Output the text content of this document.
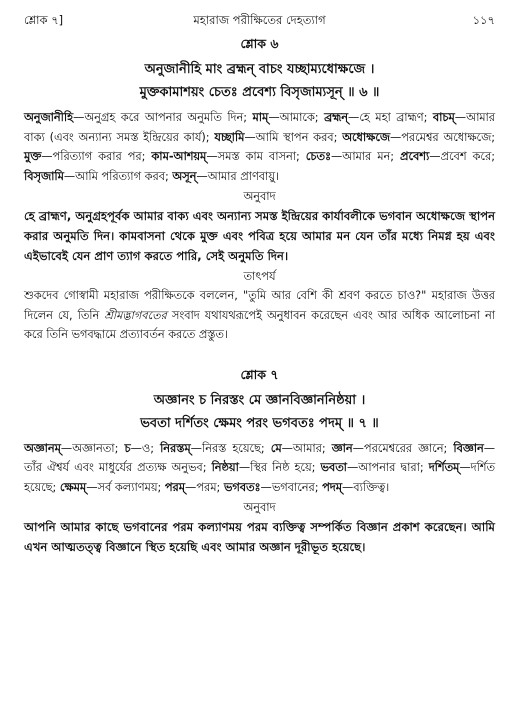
শ্লোক ৭]	মহারাজ পরীক্ষিতের দেহত্যাগ	১১৭
শ্লোক ৬
অনুজানীহি মাং ব্রহ্মন্ বাচং যচ্ছাম্যধোক্ষজে ।
মুক্তকামাশয়ং চেতঃ প্রবেশ্য বিসৃজাম্যসূন্ ॥ ৬ ॥

অনুজানীহি—অনুগ্রহ করে আপনার অনুমতি দিন; মাম্—আমাকে; ব্রহ্মন্—হে মহা ব্রাহ্মণ; বাচম্—আমার বাক্য (এবং অন্যান্য সমস্ত ইন্দ্রিয়ের কার্য); যচ্ছামি—আমি স্থাপন করব; অধোক্ষজে—পরমেশ্বর অধোক্ষজে; মুক্ত—পরিত্যাগ করার পর; কাম-আশয়ম্—সমস্ত কাম বাসনা; চেতঃ—আমার মন; প্রবেশ্য—প্রবেশ করে; বিসৃজামি—আমি পরিত্যাগ করব; অসূন্—আমার প্রাণবায়ু।

অনুবাদ
হে ব্রাহ্মণ, অনুগ্রহপূর্বক আমার বাক্য এবং অন্যান্য সমস্ত ইন্দ্রিয়ের কার্যাবলীকে ভগবান অধোক্ষজে স্থাপন করার অনুমতি দিন। কামবাসনা থেকে মুক্ত এবং পবিত্র হয়ে আমার মন যেন তাঁর মধ্যে নিমগ্ন হয় এবং এইভাবেই যেন প্রাণ ত্যাগ করতে পারি, সেই অনুমতি দিন।
তাৎপর্য
শুকদেব গোস্বামী মহারাজ পরীক্ষিতকে বললেন, "তুমি আর বেশি কী শ্রবণ করতে চাও?" মহারাজ উত্তর দিলেন যে, তিনি শ্রীমদ্ভাগবতের সংবাদ যথাযথরূপেই অনুধাবন করেছেন এবং আর অধিক আলোচনা না করে তিনি ভগবদ্ধামে প্রত্যাবর্তন করতে প্রস্তুত।
শ্লোক ৭
অজ্ঞানং চ নিরস্তং মে জ্ঞানবিজ্ঞাননিষ্ঠয়া ।
ভবতা দর্শিতং ক্ষেমং পরং ভগবতঃ পদম্ ॥ ৭ ॥

অজ্ঞানম্—অজ্ঞানতা; চ—ও; নিরস্তম্—নিরস্ত হয়েছে; মে—আমার; জ্ঞান—পরমেশ্বরের জ্ঞানে; বিজ্ঞান—তাঁর ঐশ্বর্য এবং মাধুর্যের প্রত্যক্ষ অনুভব; নিষ্ঠয়া—স্থির নিষ্ঠ হয়ে; ভবতা—আপনার দ্বারা; দর্শিতম্—দর্শিত হয়েছে; ক্ষেমম্—সর্ব কল্যাণময়; পরম্—পরম; ভগবতঃ—ভগবানের; পদম্—ব্যক্তিত্ব।

অনুবাদ
আপনি আমার কাছে ভগবানের পরম কল্যাণময় পরম ব্যক্তিত্ব সম্পর্কিত বিজ্ঞান প্রকাশ করেছেন। আমি এখন আত্মতত্ত্ব বিজ্ঞানে স্থিত হয়েছি এবং আমার অজ্ঞান দূরীভূত হয়েছে।
